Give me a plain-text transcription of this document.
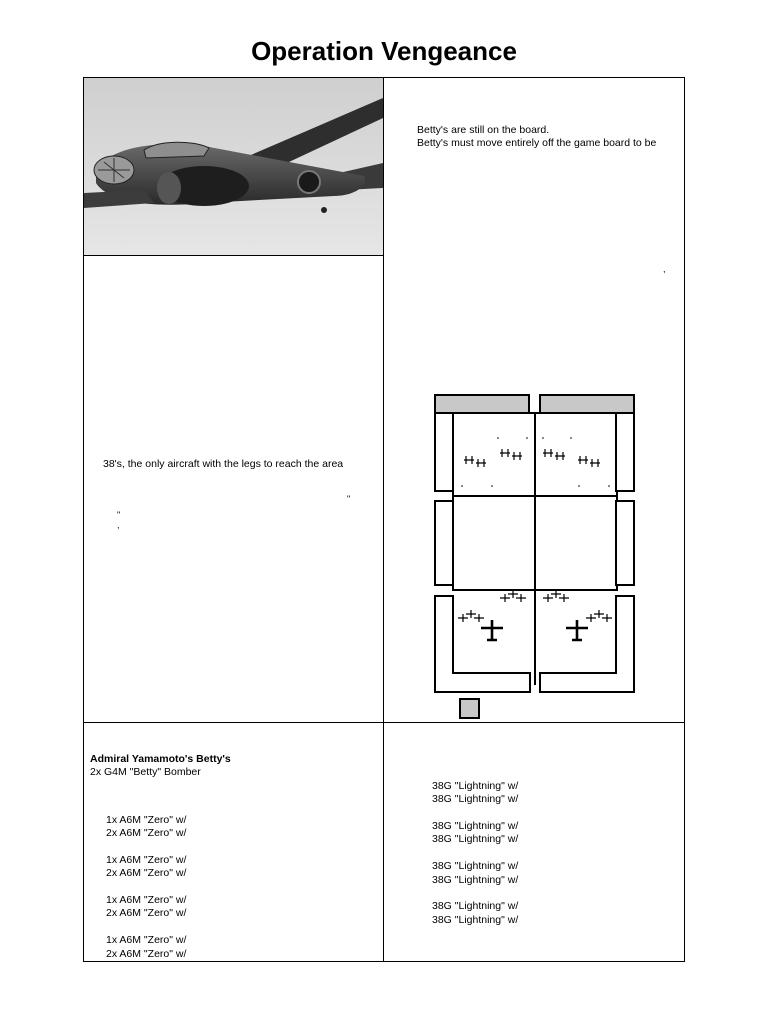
Operation Vengeance
Betty's are still on the board.
Betty's must move entirely off the game board to be
,
38's, the only aircraft with the legs to reach the area
"
"
,
Admiral Yamamoto's Betty's
2x G4M "Betty" Bomber
1x A6M "Zero" w/
2x A6M "Zero" w/
1x A6M "Zero" w/
2x A6M "Zero" w/
1x A6M "Zero" w/
2x A6M "Zero" w/
1x A6M "Zero" w/
2x A6M "Zero" w/
38G "Lightning" w/
38G "Lightning" w/
38G "Lightning" w/
38G "Lightning" w/
38G "Lightning" w/
38G "Lightning" w/
38G "Lightning" w/
38G "Lightning" w/
